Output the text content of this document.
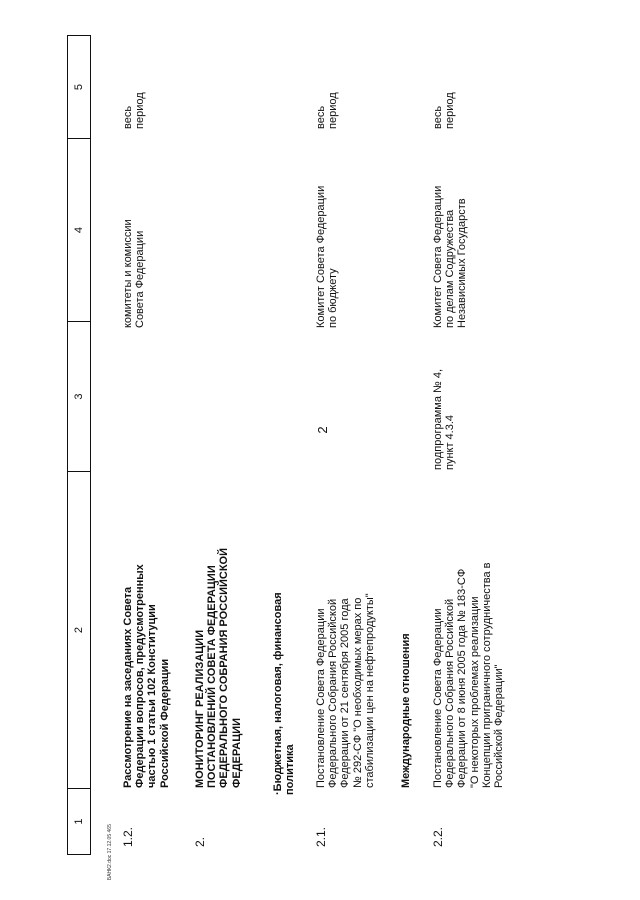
2
1
2
3
4
5
1.2.
Рассмотрение на заседаниях Совета
Федерации вопросов, предусмотренных
частью 1 статьи 102 Конституции
Российской Федерации
комитеты и комиссии
Совета Федерации
весь
период
2.
МОНИТОРИНГ РЕАЛИЗАЦИИ
ПОСТАНОВЛЕНИЙ СОВЕТА ФЕДЕРАЦИИ
ФЕДЕРАЛЬНОГО СОБРАНИЯ РОССИЙСКОЙ
ФЕДЕРАЦИИ	·Бюджетная, налоговая, финансовая
политика
2.1.
Постановление Совета Федерации
Федерального Собрания Российской
Федерации от 21 сентября 2005 года
№ 292-СФ "О необходимых мерах по
стабилизации цен на нефтепродукты"
Комитет Совета Федерации
по бюджету
весь
период
Международные отношения
2.2.
Постановление Совета Федерации
Федерального Собрания Российской
Федерации от 8 июня 2005 года № 183-СФ
"О некоторых проблемах реализации
Концепции приграничного сотрудничества в
Российской Федерации"
подпрограмма № 4,
пункт 4.3.4
Комитет Совета Федерации
по делам Содружества
Независимых Государств
весь
период
БАНК2.doc 17.12.05 465
